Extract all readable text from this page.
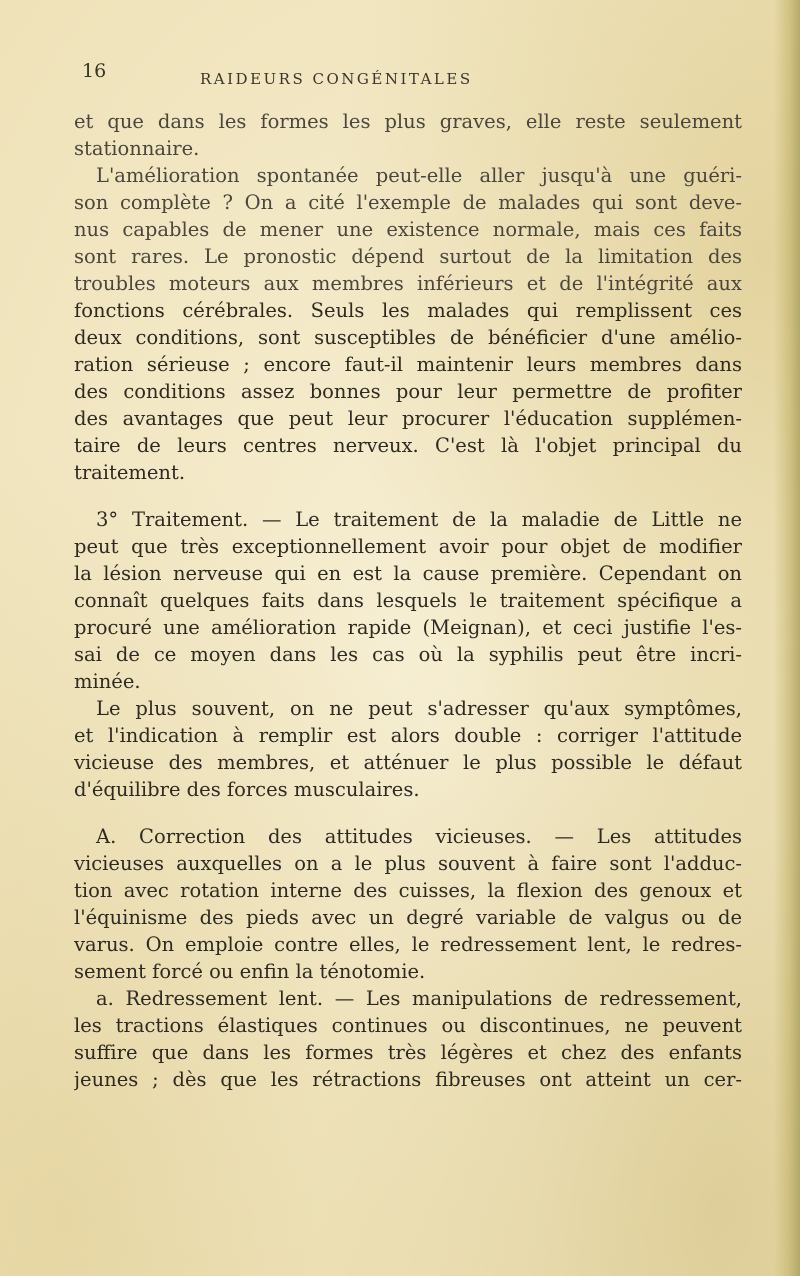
16	RAIDEURS CONGÉNITALES
et que dans les formes les plus graves, elle reste seulement
stationnaire.
L'amélioration spontanée peut-elle aller jusqu'à une guéri-
son complète ? On a cité l'exemple de malades qui sont deve-
nus capables de mener une existence normale, mais ces faits
sont rares. Le pronostic dépend surtout de la limitation des
troubles moteurs aux membres inférieurs et de l'intégrité aux
fonctions cérébrales. Seuls les malades qui remplissent ces
deux conditions, sont susceptibles de bénéficier d'une amélio-
ration sérieuse ; encore faut-il maintenir leurs membres dans
des conditions assez bonnes pour leur permettre de profiter
des avantages que peut leur procurer l'éducation supplémen-
taire de leurs centres nerveux. C'est là l'objet principal du
traitement.
3° Traitement. — Le traitement de la maladie de Little ne
peut que très exceptionnellement avoir pour objet de modifier
la lésion nerveuse qui en est la cause première. Cependant on
connaît quelques faits dans lesquels le traitement spécifique a
procuré une amélioration rapide (Meignan), et ceci justifie l'es-
sai de ce moyen dans les cas où la syphilis peut être incri-
minée.
Le plus souvent, on ne peut s'adresser qu'aux symptômes,
et l'indication à remplir est alors double : corriger l'attitude
vicieuse des membres, et atténuer le plus possible le défaut
d'équilibre des forces musculaires.
A. Correction des attitudes vicieuses. — Les attitudes
vicieuses auxquelles on a le plus souvent à faire sont l'adduc-
tion avec rotation interne des cuisses, la flexion des genoux et
l'équinisme des pieds avec un degré variable de valgus ou de
varus. On emploie contre elles, le redressement lent, le redres-
sement forcé ou enfin la ténotomie.
a. Redressement lent. — Les manipulations de redressement,
les tractions élastiques continues ou discontinues, ne peuvent
suffire que dans les formes très légères et chez des enfants
jeunes ; dès que les rétractions fibreuses ont atteint un cer-
